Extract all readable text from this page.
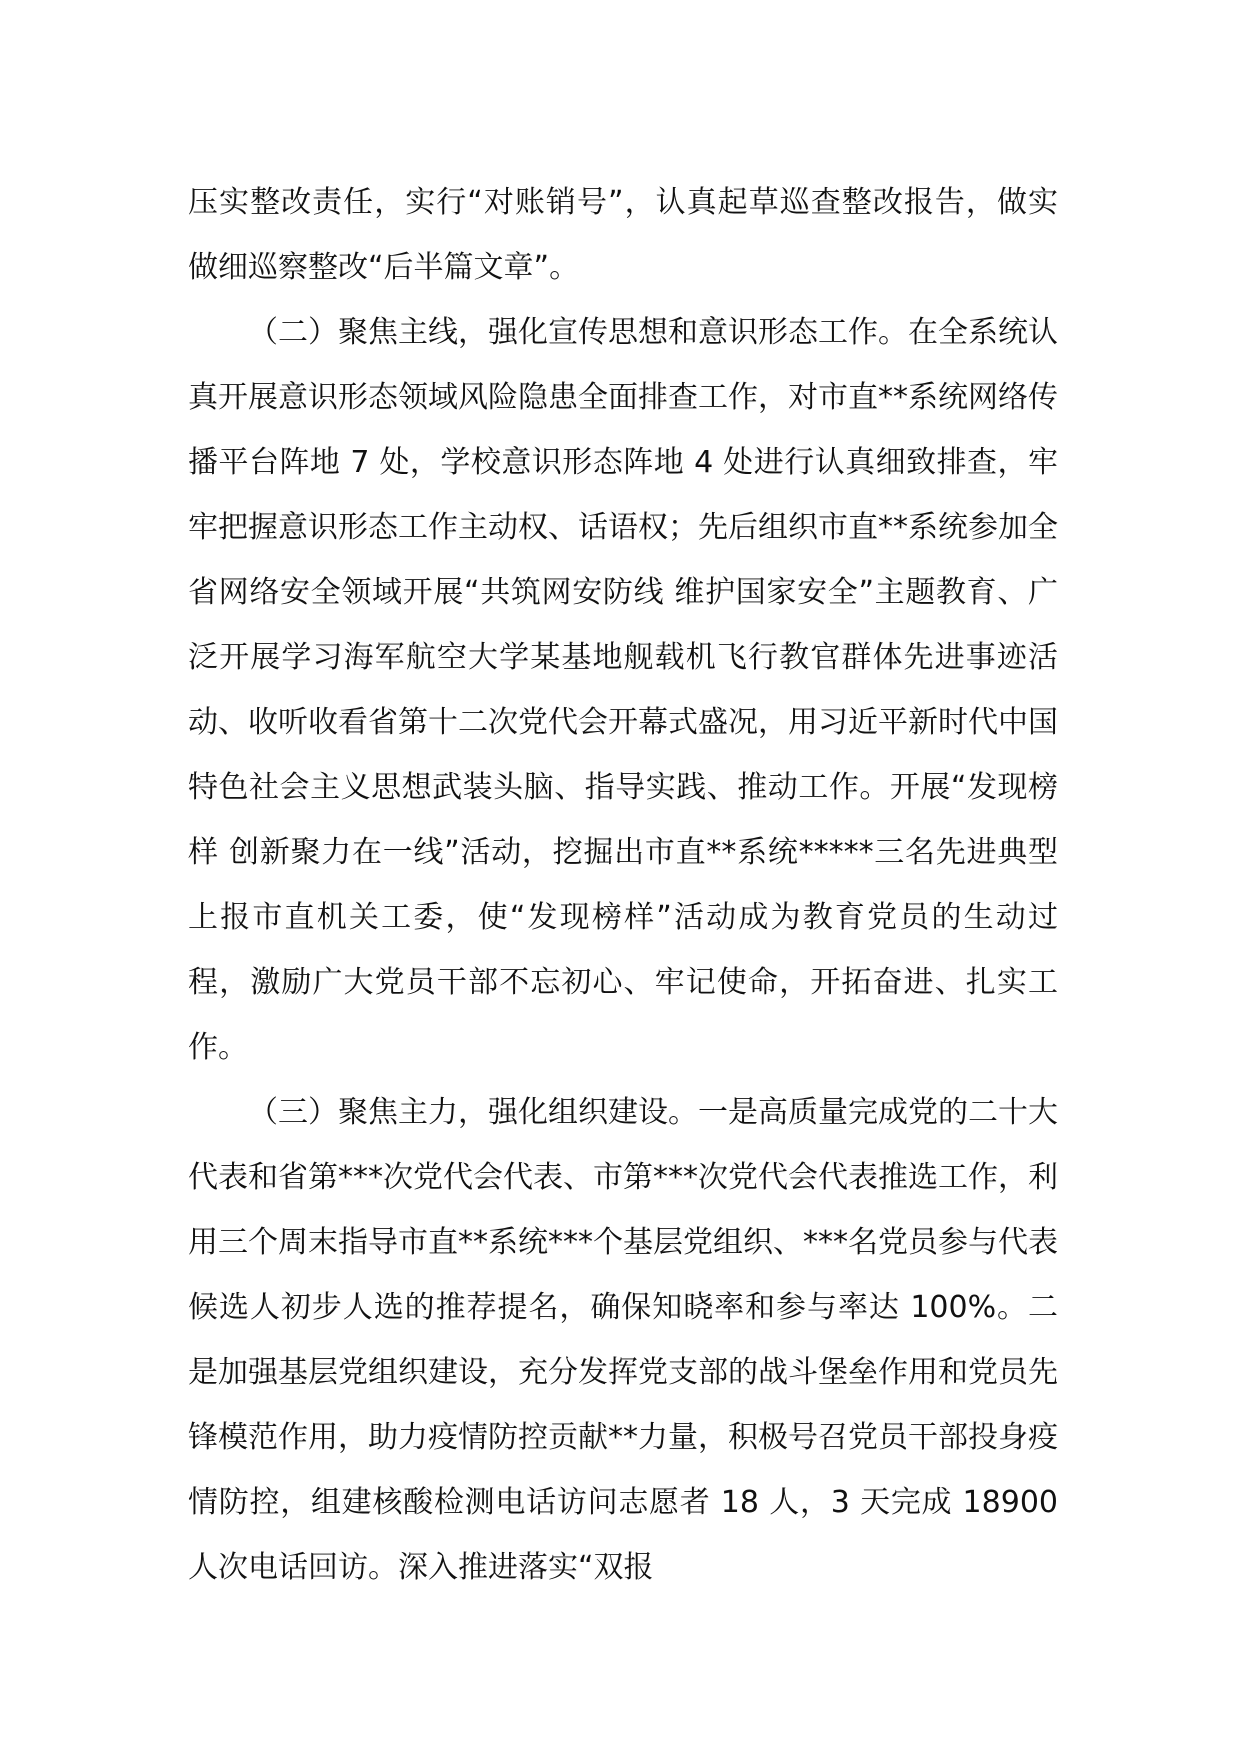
压实整改责任，实行“对账销号”，认真起草巡查整改报告，做实做细巡察整改“后半篇文章”。

（二）聚焦主线，强化宣传思想和意识形态工作。在全系统认真开展意识形态领域风险隐患全面排查工作，对市直**系统网络传播平台阵地 7 处，学校意识形态阵地 4 处进行认真细致排查，牢牢把握意识形态工作主动权、话语权；先后组织市直**系统参加全省网络安全领域开展“共筑网安防线 维护国家安全”主题教育、广泛开展学习海军航空大学某基地舰载机飞行教官群体先进事迹活动、收听收看省第十二次党代会开幕式盛况，用习近平新时代中国特色社会主义思想武装头脑、指导实践、推动工作。开展“发现榜样 创新聚力在一线”活动，挖掘出市直**系统*****三名先进典型上报市直机关工委，使“发现榜样”活动成为教育党员的生动过程，激励广大党员干部不忘初心、牢记使命，开拓奋进、扎实工作。

（三）聚焦主力，强化组织建设。一是高质量完成党的二十大代表和省第***次党代会代表、市第***次党代会代表推选工作，利用三个周末指导市直**系统***个基层党组织、***名党员参与代表候选人初步人选的推荐提名，确保知晓率和参与率达 100%。二是加强基层党组织建设，充分发挥党支部的战斗堡垒作用和党员先锋模范作用，助力疫情防控贡献**力量，积极号召党员干部投身疫情防控，组建核酸检测电话访问志愿者 18 人，3 天完成 18900 人次电话回访。深入推进落实“双报
